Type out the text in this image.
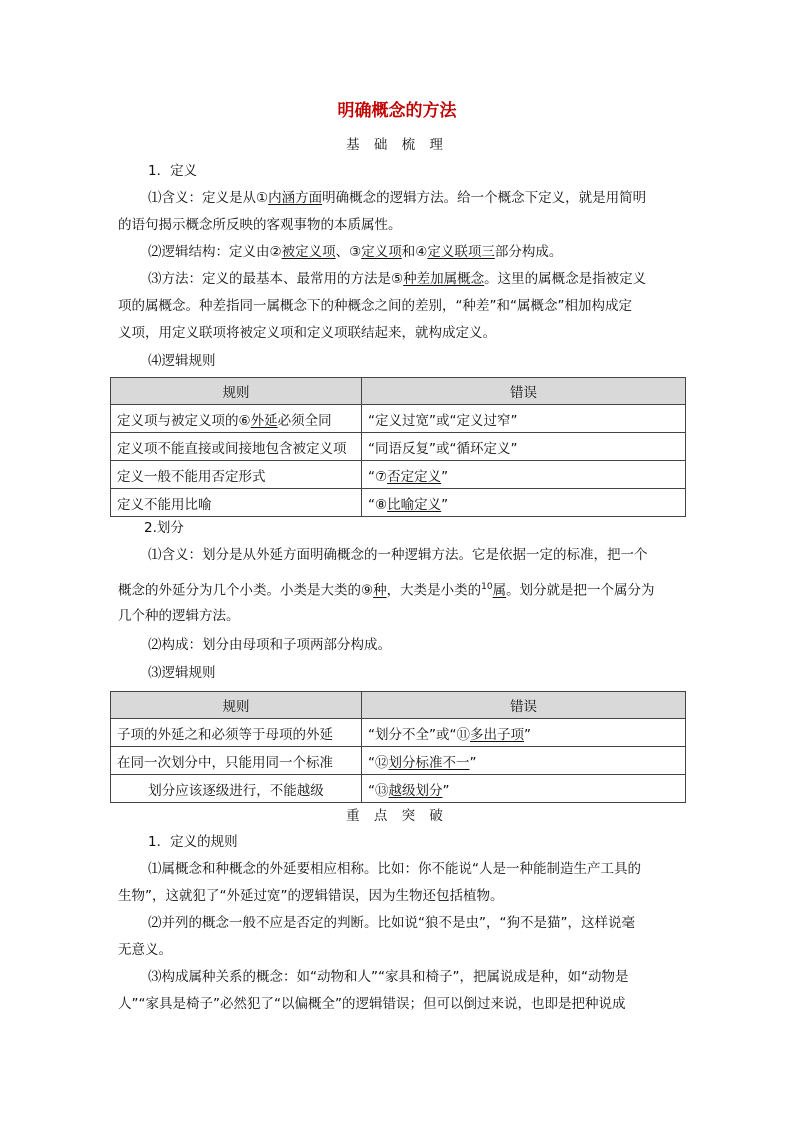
明确概念的方法
基 础 梳 理
1．定义
⑴含义：定义是从①内涵方面明确概念的逻辑方法。给一个概念下定义，就是用简明
的语句揭示概念所反映的客观事物的本质属性。
⑵逻辑结构：定义由②被定义项、③定义项和④定义联项三部分构成。
⑶方法：定义的最基本、最常用的方法是⑤种差加属概念。这里的属概念是指被定义
项的属概念。种差指同一属概念下的种概念之间的差别，“种差”和“属概念”相加构成定
义项，用定义联项将被定义项和定义项联结起来，就构成定义。
⑷逻辑规则
规则	错误
定义项与被定义项的⑥外延必须全同	“定义过宽”或“定义过窄”
定义项不能直接或间接地包含被定义项	“同语反复”或“循环定义”
定义一般不能用否定形式	“⑦否定定义”
定义不能用比喻	“⑧比喻定义”
2.划分
⑴含义：划分是从外延方面明确概念的一种逻辑方法。它是依据一定的标准，把一个
概念的外延分为几个小类。小类是大类的⑨种，大类是小类的$^{10}$属。划分就是把一个属分为
几个种的逻辑方法。
⑵构成：划分由母项和子项两部分构成。
⑶逻辑规则
规则	错误
子项的外延之和必须等于母项的外延	“划分不全”或“⑪多出子项”
在同一次划分中，只能用同一个标准	“⑫划分标准不一”
划分应该逐级进行，不能越级	“⑬越级划分”
重 点 突 破
1．定义的规则
⑴属概念和种概念的外延要相应相称。比如：你不能说“人是一种能制造生产工具的
生物”，这就犯了“外延过宽”的逻辑错误，因为生物还包括植物。
⑵并列的概念一般不应是否定的判断。比如说“狼不是虫”，“狗不是猫”，这样说毫
无意义。
⑶构成属种关系的概念：如“动物和人”“家具和椅子”，把属说成是种，如“动物是
人”“家具是椅子”必然犯了“以偏概全”的逻辑错误；但可以倒过来说，也即是把种说成
